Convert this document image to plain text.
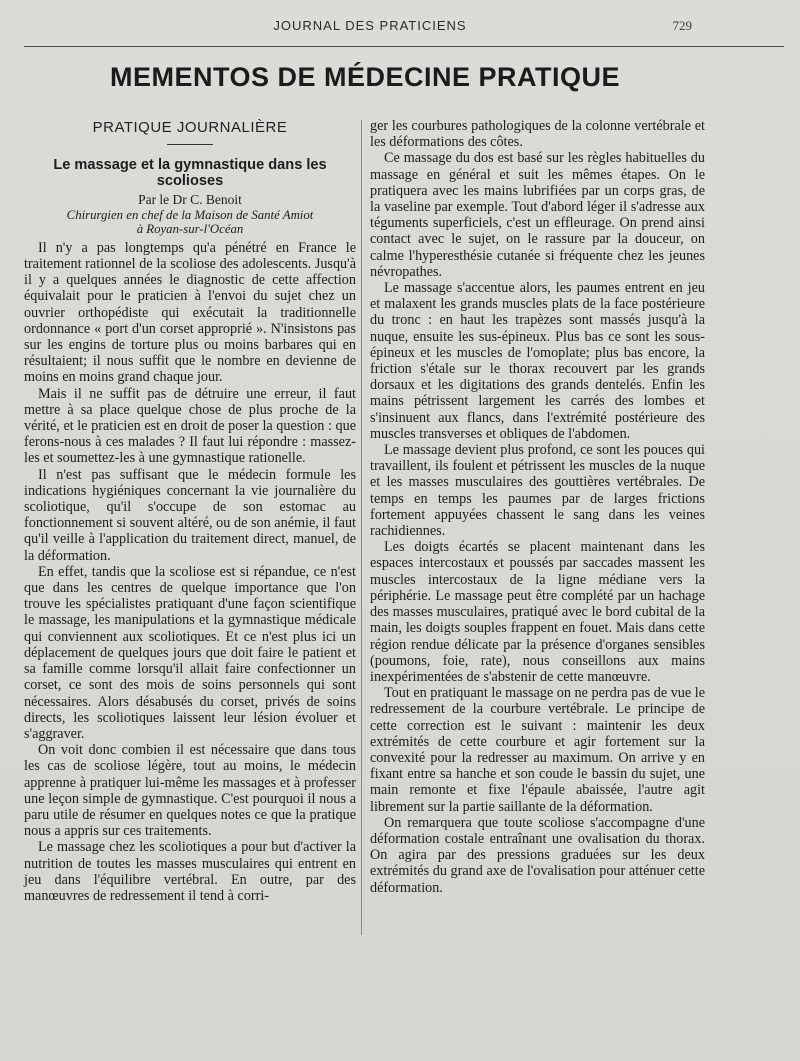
JOURNAL DES PRATICIENS	729
MEMENTOS DE MÉDECINE PRATIQUE
PRATIQUE JOURNALIÈRE
Le massage et la gymnastique dans les scolioses
Par le Dr C. Benoit
Chirurgien en chef de la Maison de Santé Amiot
à Royan-sur-l'Océan

Il n'y a pas longtemps qu'a pénétré en France le traitement rationnel de la scoliose des adolescents. Jusqu'à il y a quelques années le diagnostic de cette affection équivalait pour le praticien à l'envoi du sujet chez un ouvrier orthopédiste qui exécutait la traditionnelle ordonnance « port d'un corset approprié ». N'insistons pas sur les engins de torture plus ou moins barbares qui en résultaient; il nous suffit que le nombre en devienne de moins en moins grand chaque jour.

Mais il ne suffit pas de détruire une erreur, il faut mettre à sa place quelque chose de plus proche de la vérité, et le praticien est en droit de poser la question : que ferons-nous à ces malades ? Il faut lui répondre : massez-les et soumettez-les à une gymnastique rationelle.

Il n'est pas suffisant que le médecin formule les indications hygiéniques concernant la vie journalière du scoliotique, qu'il s'occupe de son estomac au fonctionnement si souvent altéré, ou de son anémie, il faut qu'il veille à l'application du traitement direct, manuel, de la déformation.

En effet, tandis que la scoliose est si répandue, ce n'est que dans les centres de quelque importance que l'on trouve les spécialistes pratiquant d'une façon scientifique le massage, les manipulations et la gymnastique médicale qui conviennent aux scoliotiques. Et ce n'est plus ici un déplacement de quelques jours que doit faire le patient et sa famille comme lorsqu'il allait faire confectionner un corset, ce sont des mois de soins personnels qui sont nécessaires. Alors désabusés du corset, privés de soins directs, les scoliotiques laissent leur lésion évoluer et s'aggraver.

On voit donc combien il est nécessaire que dans tous les cas de scoliose légère, tout au moins, le médecin apprenne à pratiquer lui-même les massages et à professer une leçon simple de gymnastique. C'est pourquoi il nous a paru utile de résumer en quelques notes ce que la pratique nous a appris sur ces traitements.

Le massage chez les scoliotiques a pour but d'activer la nutrition de toutes les masses musculaires qui entrent en jeu dans l'équilibre vertébral. En outre, par des manœuvres de redressement il tend à corri-

ger les courbures pathologiques de la colonne vertébrale et les déformations des côtes.

Ce massage du dos est basé sur les règles habituelles du massage en général et suit les mêmes étapes. On le pratiquera avec les mains lubrifiées par un corps gras, de la vaseline par exemple. Tout d'abord léger il s'adresse aux téguments superficiels, c'est un effleurage. On prend ainsi contact avec le sujet, on le rassure par la douceur, on calme l'hyperesthésie cutanée si fréquente chez les jeunes névropathes.

Le massage s'accentue alors, les paumes entrent en jeu et malaxent les grands muscles plats de la face postérieure du tronc : en haut les trapèzes sont massés jusqu'à la nuque, ensuite les sus-épineux. Plus bas ce sont les sous-épineux et les muscles de l'omoplate; plus bas encore, la friction s'étale sur le thorax recouvert par les grands dorsaux et les digitations des grands dentelés. Enfin les mains pétrissent largement les carrés des lombes et s'insinuent aux flancs, dans l'extrémité postérieure des muscles transverses et obliques de l'abdomen.

Le massage devient plus profond, ce sont les pouces qui travaillent, ils foulent et pétrissent les muscles de la nuque et les masses musculaires des gouttières vertébrales. De temps en temps les paumes par de larges frictions fortement appuyées chassent le sang dans les veines rachidiennes.

Les doigts écartés se placent maintenant dans les espaces intercostaux et poussés par saccades massent les muscles intercostaux de la ligne médiane vers la périphérie. Le massage peut être complété par un hachage des masses musculaires, pratiqué avec le bord cubital de la main, les doigts souples frappent en fouet. Mais dans cette région rendue délicate par la présence d'organes sensibles (poumons, foie, rate), nous conseillons aux mains inexpérimentées de s'abstenir de cette manœuvre.

Tout en pratiquant le massage on ne perdra pas de vue le redressement de la courbure vertébrale. Le principe de cette correction est le suivant : maintenir les deux extrémités de cette courbure et agir fortement sur la convexité pour la redresser au maximum. On arrive y en fixant entre sa hanche et son coude le bassin du sujet, une main remonte et fixe l'épaule abaissée, l'autre agit librement sur la partie saillante de la déformation.

On remarquera que toute scoliose s'accompagne d'une déformation costale entraînant une ovalisation du thorax. On agira par des pressions graduées sur les deux extrémités du grand axe de l'ovalisation pour atténuer cette déformation.
